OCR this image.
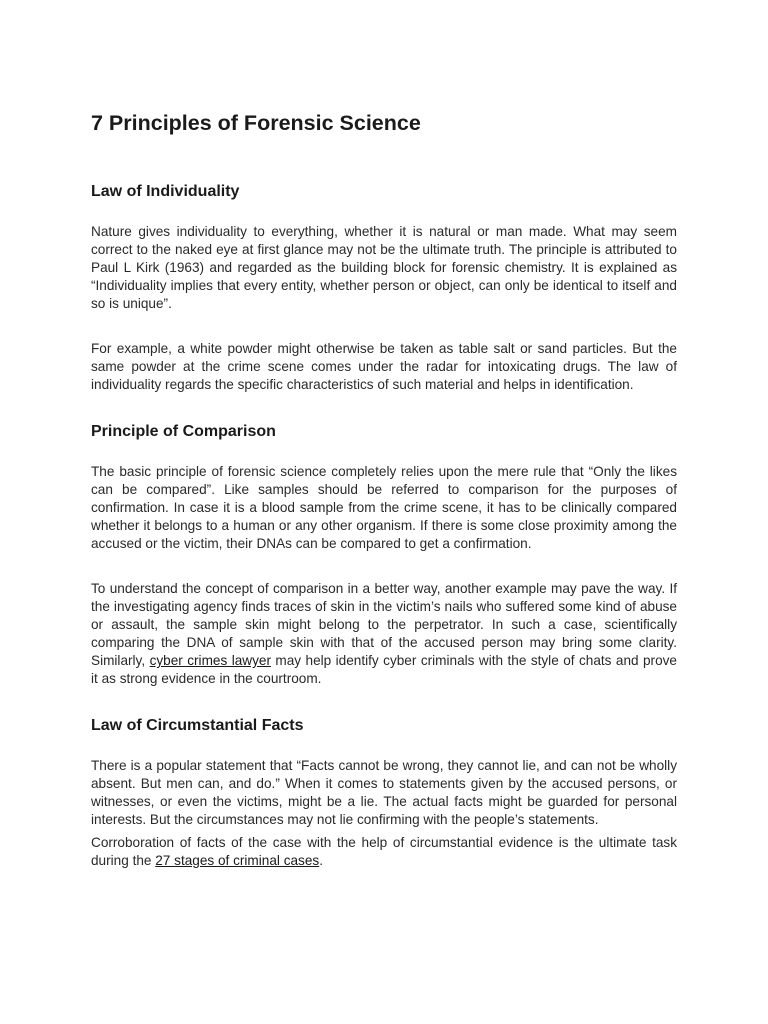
7 Principles of Forensic Science
Law of Individuality

Nature gives individuality to everything, whether it is natural or man made. What may seem correct to the naked eye at first glance may not be the ultimate truth. The principle is attributed to Paul L Kirk (1963) and regarded as the building block for forensic chemistry. It is explained as “Individuality implies that every entity, whether person or object, can only be identical to itself and so is unique”.

For example, a white powder might otherwise be taken as table salt or sand particles. But the same powder at the crime scene comes under the radar for intoxicating drugs. The law of individuality regards the specific characteristics of such material and helps in identification.

Principle of Comparison

The basic principle of forensic science completely relies upon the mere rule that “Only the likes can be compared”. Like samples should be referred to comparison for the purposes of confirmation. In case it is a blood sample from the crime scene, it has to be clinically compared whether it belongs to a human or any other organism. If there is some close proximity among the accused or the victim, their DNAs can be compared to get a confirmation.

To understand the concept of comparison in a better way, another example may pave the way. If the investigating agency finds traces of skin in the victim’s nails who suffered some kind of abuse or assault, the sample skin might belong to the perpetrator. In such a case, scientifically comparing the DNA of sample skin with that of the accused person may bring some clarity. Similarly, cyber crimes lawyer may help identify cyber criminals with the style of chats and prove it as strong evidence in the courtroom.

Law of Circumstantial Facts

There is a popular statement that “Facts cannot be wrong, they cannot lie, and can not be wholly absent. But men can, and do.” When it comes to statements given by the accused persons, or witnesses, or even the victims, might be a lie. The actual facts might be guarded for personal interests. But the circumstances may not lie confirming with the people’s statements.

Corroboration of facts of the case with the help of circumstantial evidence is the ultimate task during the 27 stages of criminal cases.
